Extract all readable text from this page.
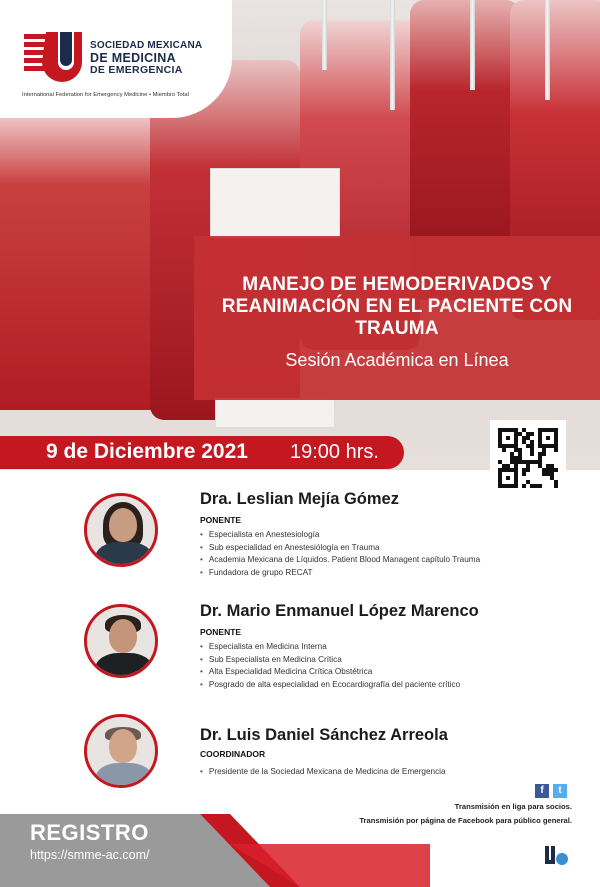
SOCIEDAD MEXICANA
DE MEDICINA
DE EMERGENCIA
International Federation for Emergency Medicine • Miembro Total
MANEJO DE HEMODERIVADOS Y REANIMACIÓN EN EL PACIENTE CON TRAUMA
Sesión Académica en Línea
9 de Diciembre 2021 19:00 hrs.
Dra. Leslian Mejía Gómez
PONENTE
• Especialista en Anestesiología
• Sub especialidad en Anestesiólogía en Trauma
• Academia Mexicana de Líquidos. Patient Blood Managent capítulo Trauma
• Fundadora de grupo RECAT
Dr. Mario Enmanuel López Marenco
PONENTE
• Especialista en Medicina Interna
• Sub Especialista en Medicina Crítica
• Alta Especialidad Medicina Crítica Obstétrica
• Posgrado de alta especialidad en Ecocardiografía del paciente crítico
Dr. Luis Daniel Sánchez Arreola
COORDINADOR
• Presidente de la Sociedad Mexicana de Medicina de Emergencia
f	t
Transmisión en liga para socios.
Transmisión por página de Facebook para público general.
REGISTRO
https://smme-ac.com/
